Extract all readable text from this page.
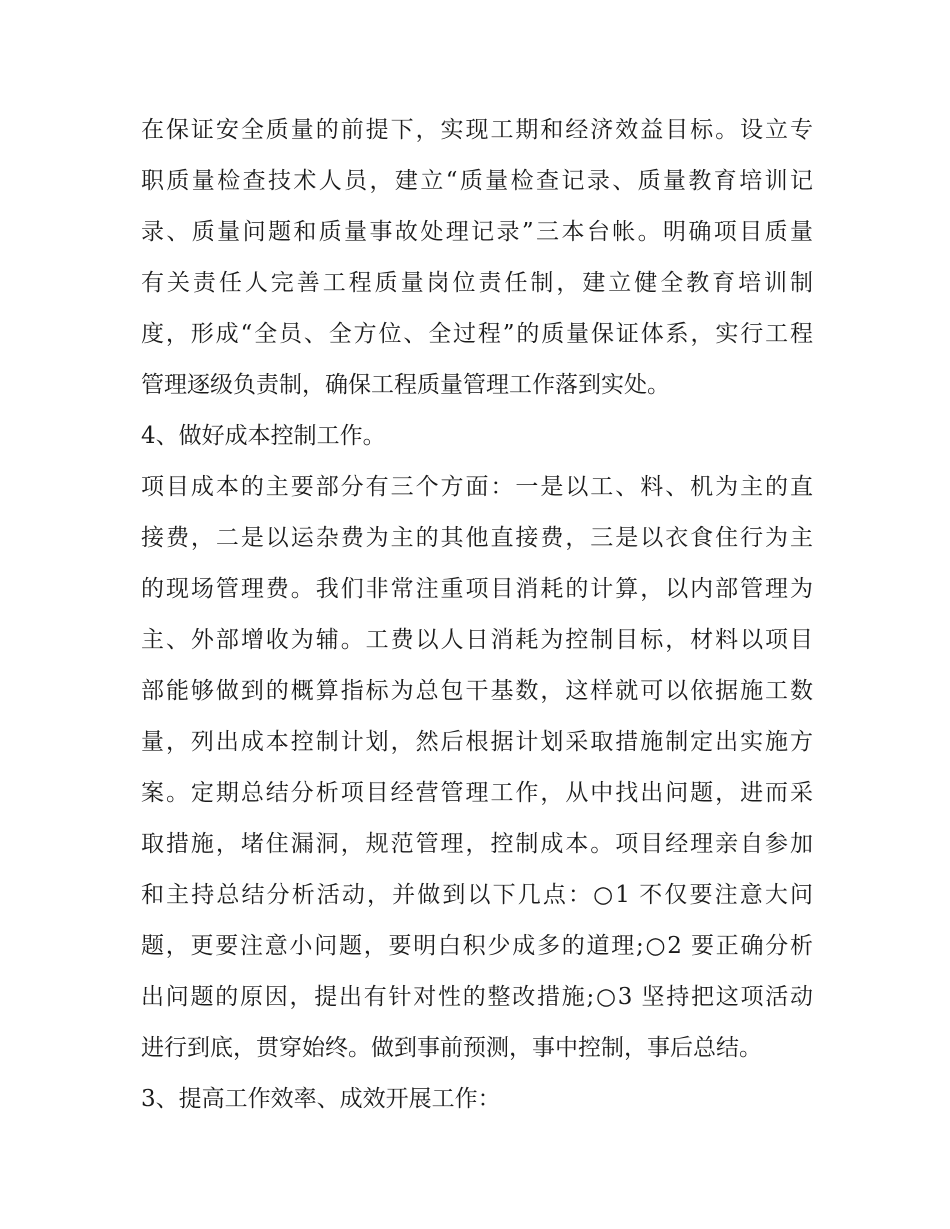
在保证安全质量的前提下，实现工期和经济效益目标。设立专
职质量检查技术人员，建立“质量检查记录、质量教育培训记
录、质量问题和质量事故处理记录”三本台帐。明确项目质量
有关责任人完善工程质量岗位责任制，建立健全教育培训制
度，形成“全员、全方位、全过程”的质量保证体系，实行工程
管理逐级负责制，确保工程质量管理工作落到实处。
4、做好成本控制工作。
项目成本的主要部分有三个方面：一是以工、料、机为主的直
接费，二是以运杂费为主的其他直接费，三是以衣食住行为主
的现场管理费。我们非常注重项目消耗的计算，以内部管理为
主、外部增收为辅。工费以人日消耗为控制目标，材料以项目
部能够做到的概算指标为总包干基数，这样就可以依据施工数
量，列出成本控制计划，然后根据计划采取措施制定出实施方
案。定期总结分析项目经营管理工作，从中找出问题，进而采
取措施，堵住漏洞，规范管理，控制成本。项目经理亲自参加
和主持总结分析活动，并做到以下几点：○1 不仅要注意大问
题，更要注意小问题，要明白积少成多的道理;○2 要正确分析
出问题的原因，提出有针对性的整改措施;○3 坚持把这项活动
进行到底，贯穿始终。做到事前预测，事中控制，事后总结。
3、提高工作效率、成效开展工作：
